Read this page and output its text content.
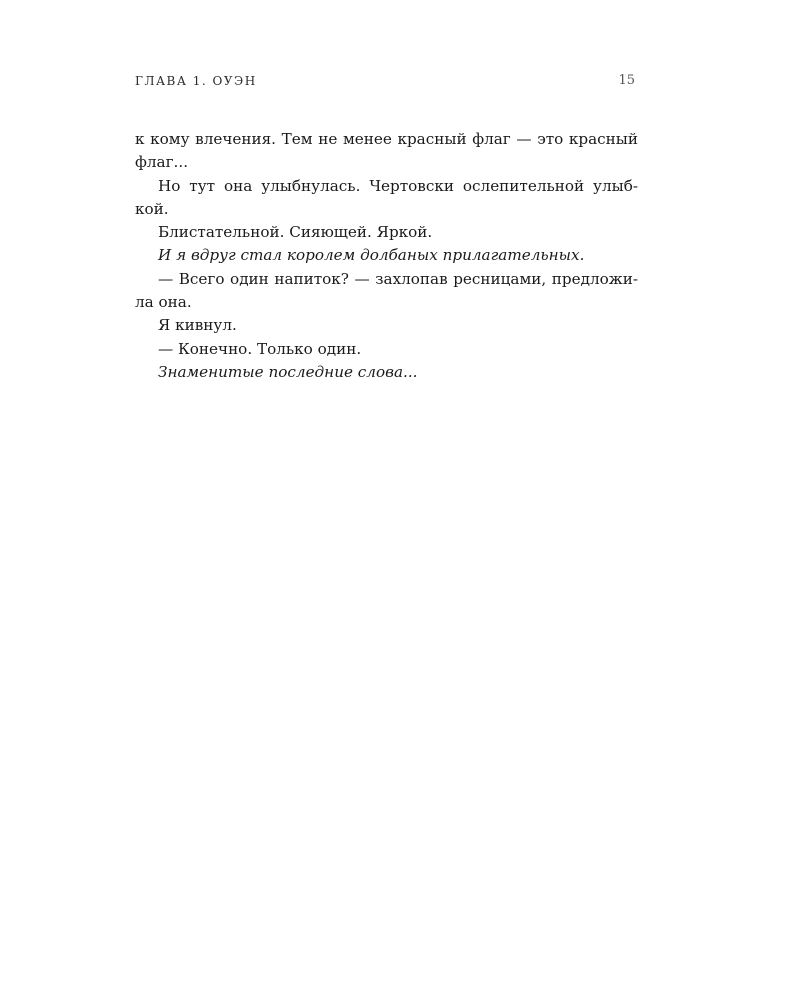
ГЛАВА 1. ОУЭН	15
к кому влечения. Тем не менее красный флаг — это красный
флаг...
Но тут она улыбнулась. Чертовски ослепительной улыб-
кой.
Блистательной. Сияющей. Яркой.
И я вдруг стал королем долбаных прилагательных.
— Всего один напиток? — захлопав ресницами, предложи-
ла она.
Я кивнул.
— Конечно. Только один.
Знаменитые последние слова...
